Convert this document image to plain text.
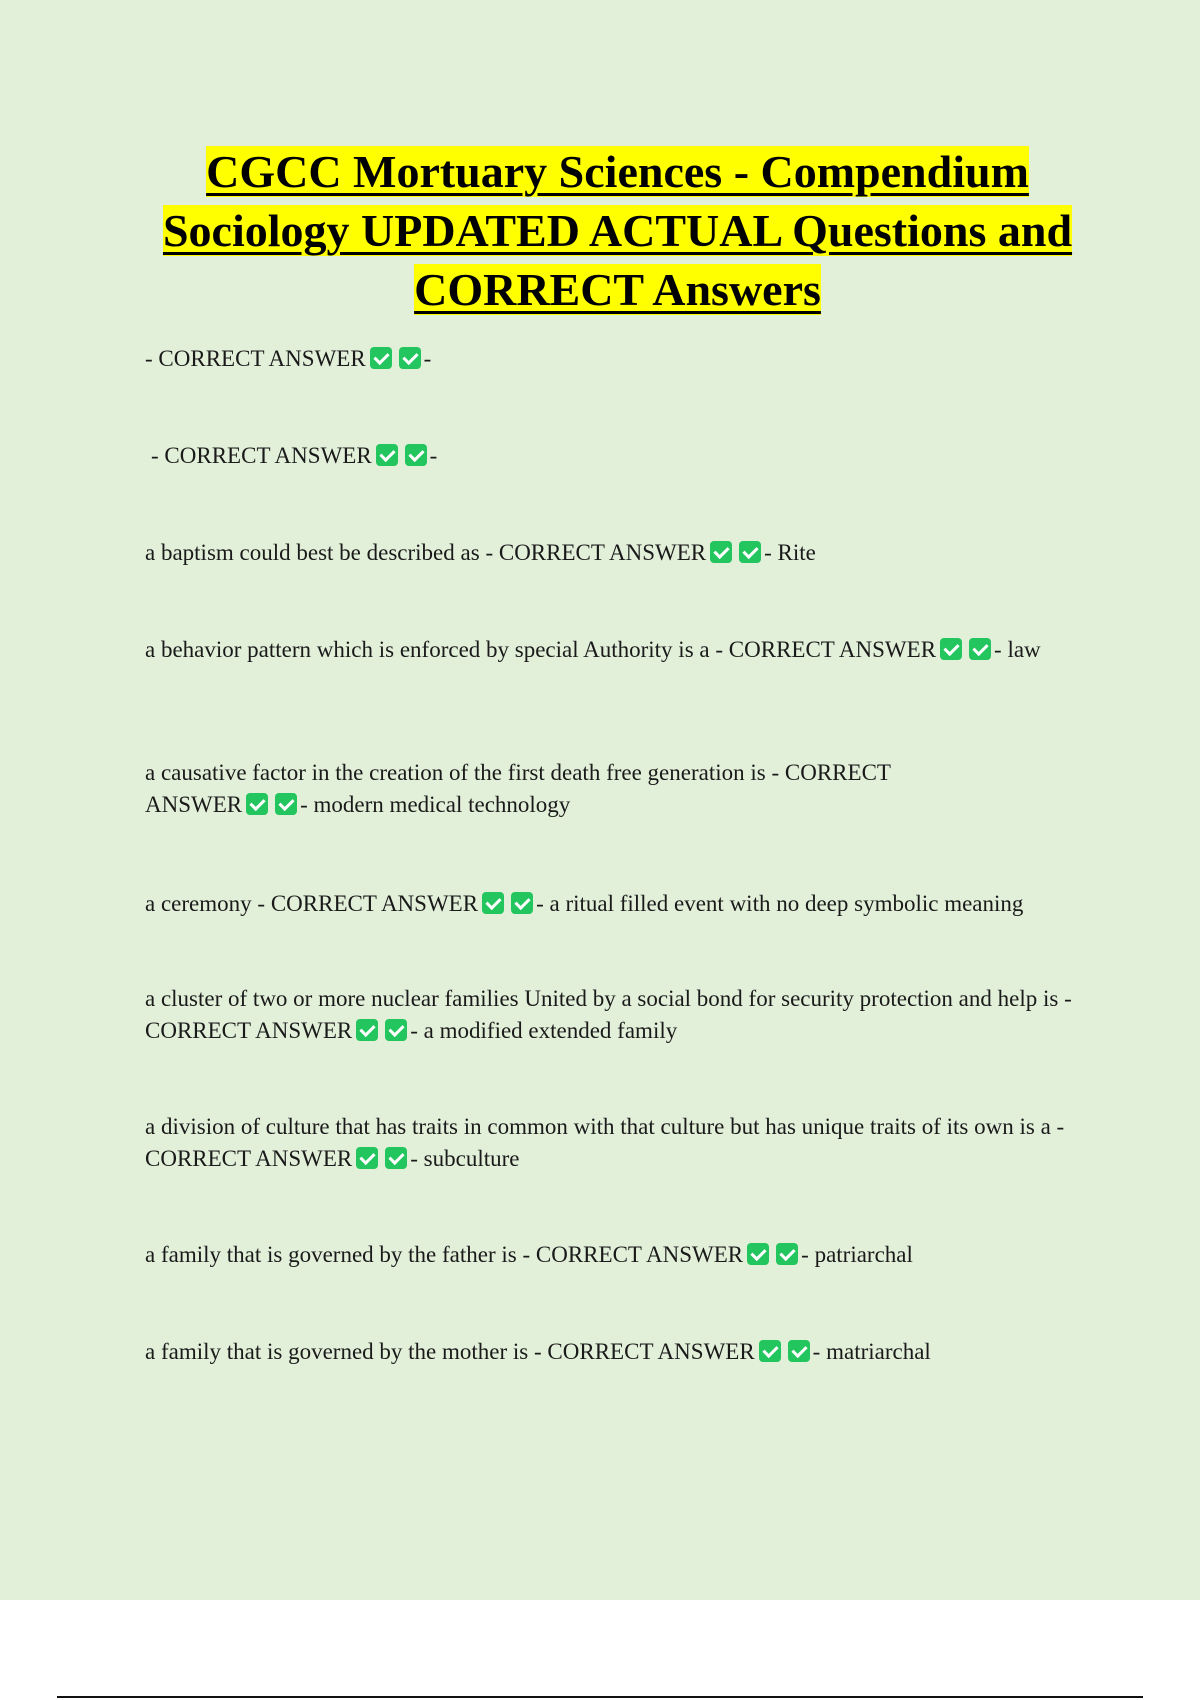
CGCC Mortuary Sciences - Compendium Sociology UPDATED ACTUAL Questions and CORRECT Answers

- CORRECT ANSWER	-

- CORRECT ANSWER	-

a baptism could best be described as - CORRECT ANSWER	- Rite

a behavior pattern which is enforced by special Authority is a - CORRECT ANSWER	- law

a causative factor in the creation of the first death free generation is - CORRECT ANSWER	- modern medical technology

a ceremony - CORRECT ANSWER	- a ritual filled event with no deep symbolic meaning

a cluster of two or more nuclear families United by a social bond for security protection and help is - CORRECT ANSWER	- a modified extended family

a division of culture that has traits in common with that culture but has unique traits of its own is a - CORRECT ANSWER	- subculture

a family that is governed by the father is - CORRECT ANSWER	- patriarchal

a family that is governed by the mother is - CORRECT ANSWER	- matriarchal
